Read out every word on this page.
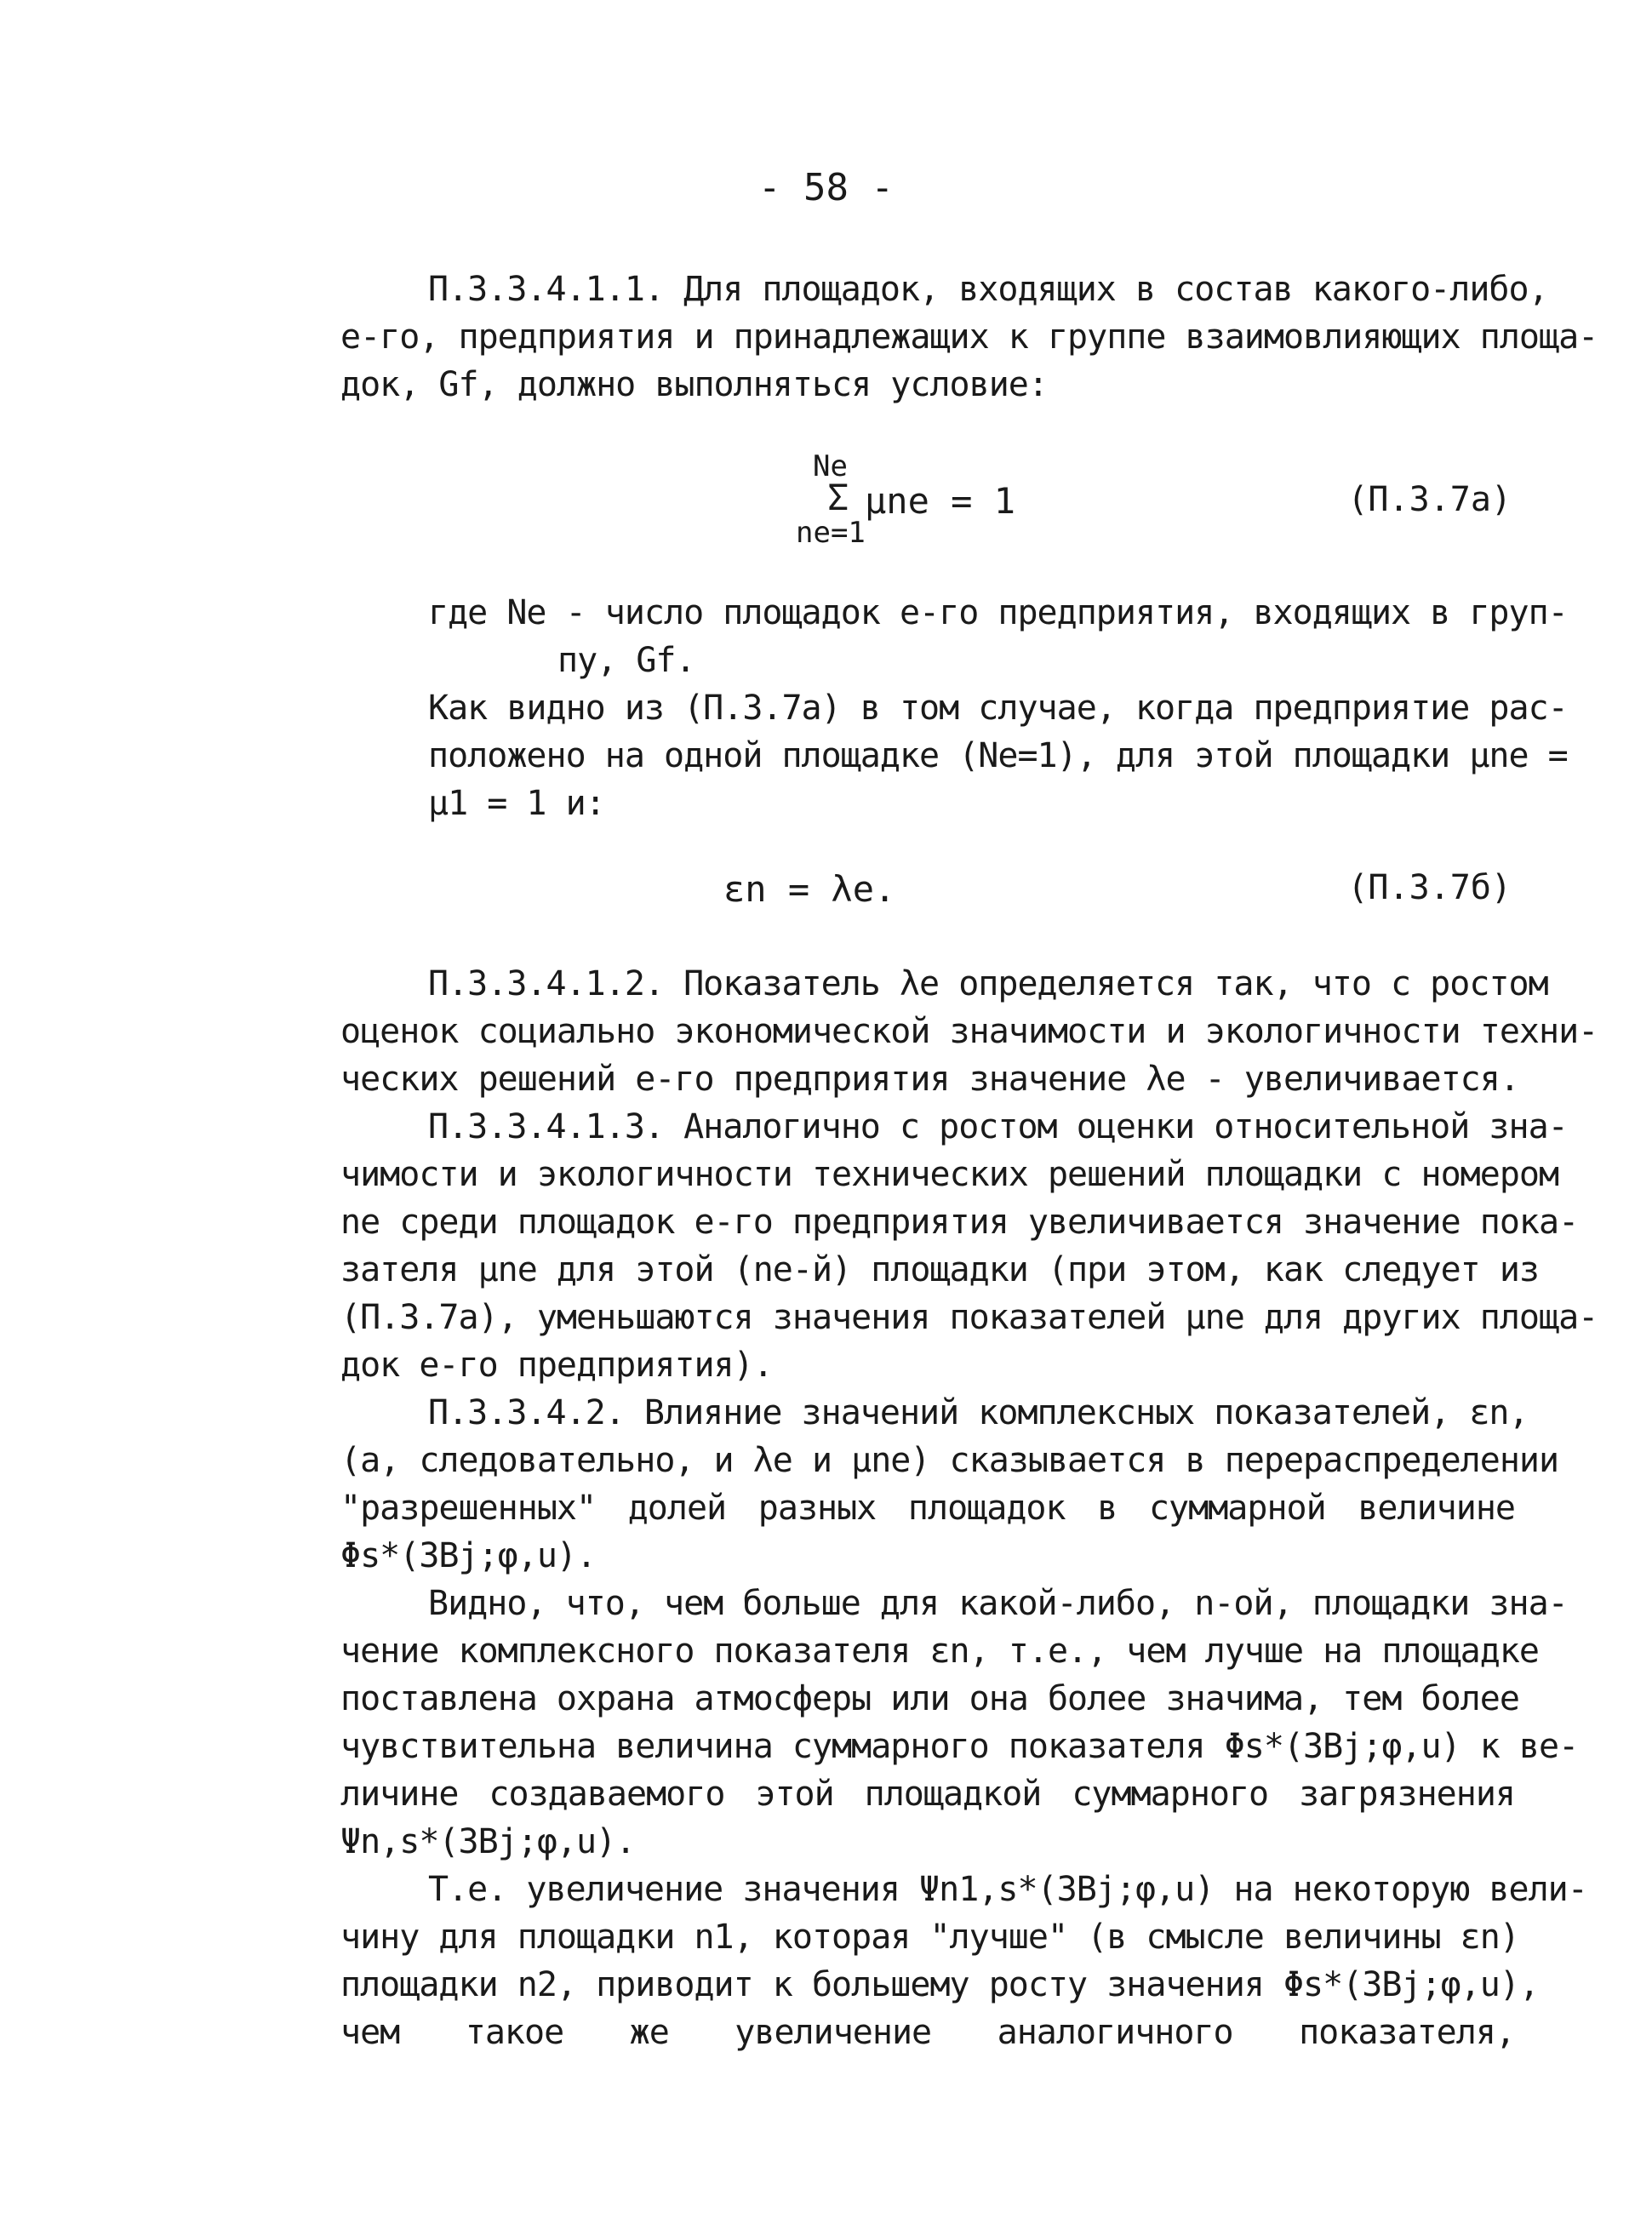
- 58 -
П.3.3.4.1.1. Для площадок, входящих в состав какого-либо,
е-го, предприятия и принадлежащих к группе взаимовлияющих площа-
док, Gf, должно выполняться условие:
Ne
Σ μne = 1
ne=1
(П.3.7а)
где Ne - число площадок е-го предприятия, входящих в груп-
пу, Gf.
Как видно из (П.3.7а) в том случае, когда предприятие рас-
положено на одной площадке (Ne=1), для этой площадки μne =
μ1 = 1 и:
εn = λe.	(П.3.7б)
П.3.3.4.1.2. Показатель λe определяется так, что с ростом
оценок социально экономической значимости и экологичности техни-
ческих решений е-го предприятия значение λe - увеличивается.
П.3.3.4.1.3. Аналогично с ростом оценки относительной зна-
чимости и экологичности технических решений площадки с номером
ne среди площадок е-го предприятия увеличивается значение пока-
зателя μne для этой (ne-й) площадки (при этом, как следует из
(П.3.7а), уменьшаются значения показателей μne для других площа-
док е-го предприятия).
П.3.3.4.2. Влияние значений комплексных показателей, εn,
(а, следовательно, и λe и μne) сказывается в перераспределении
"разрешенных" долей разных площадок в суммарной величине
Φs*(ЗВj;φ,u).
Видно, что, чем больше для какой-либо, n-ой, площадки зна-
чение комплексного показателя εn, т.е., чем лучше на площадке
поставлена охрана атмосферы или она более значима, тем более
чувствительна величина суммарного показателя Φs*(ЗВj;φ,u) к ве-
личине создаваемого этой площадкой суммарного загрязнения
Ψn,s*(ЗВj;φ,u).
Т.е. увеличение значения Ψn1,s*(ЗВj;φ,u) на некоторую вели-
чину для площадки n1, которая "лучше" (в смысле величины εn)
площадки n2, приводит к большему росту значения Φs*(ЗВj;φ,u),
чем такое же увеличение аналогичного показателя,
